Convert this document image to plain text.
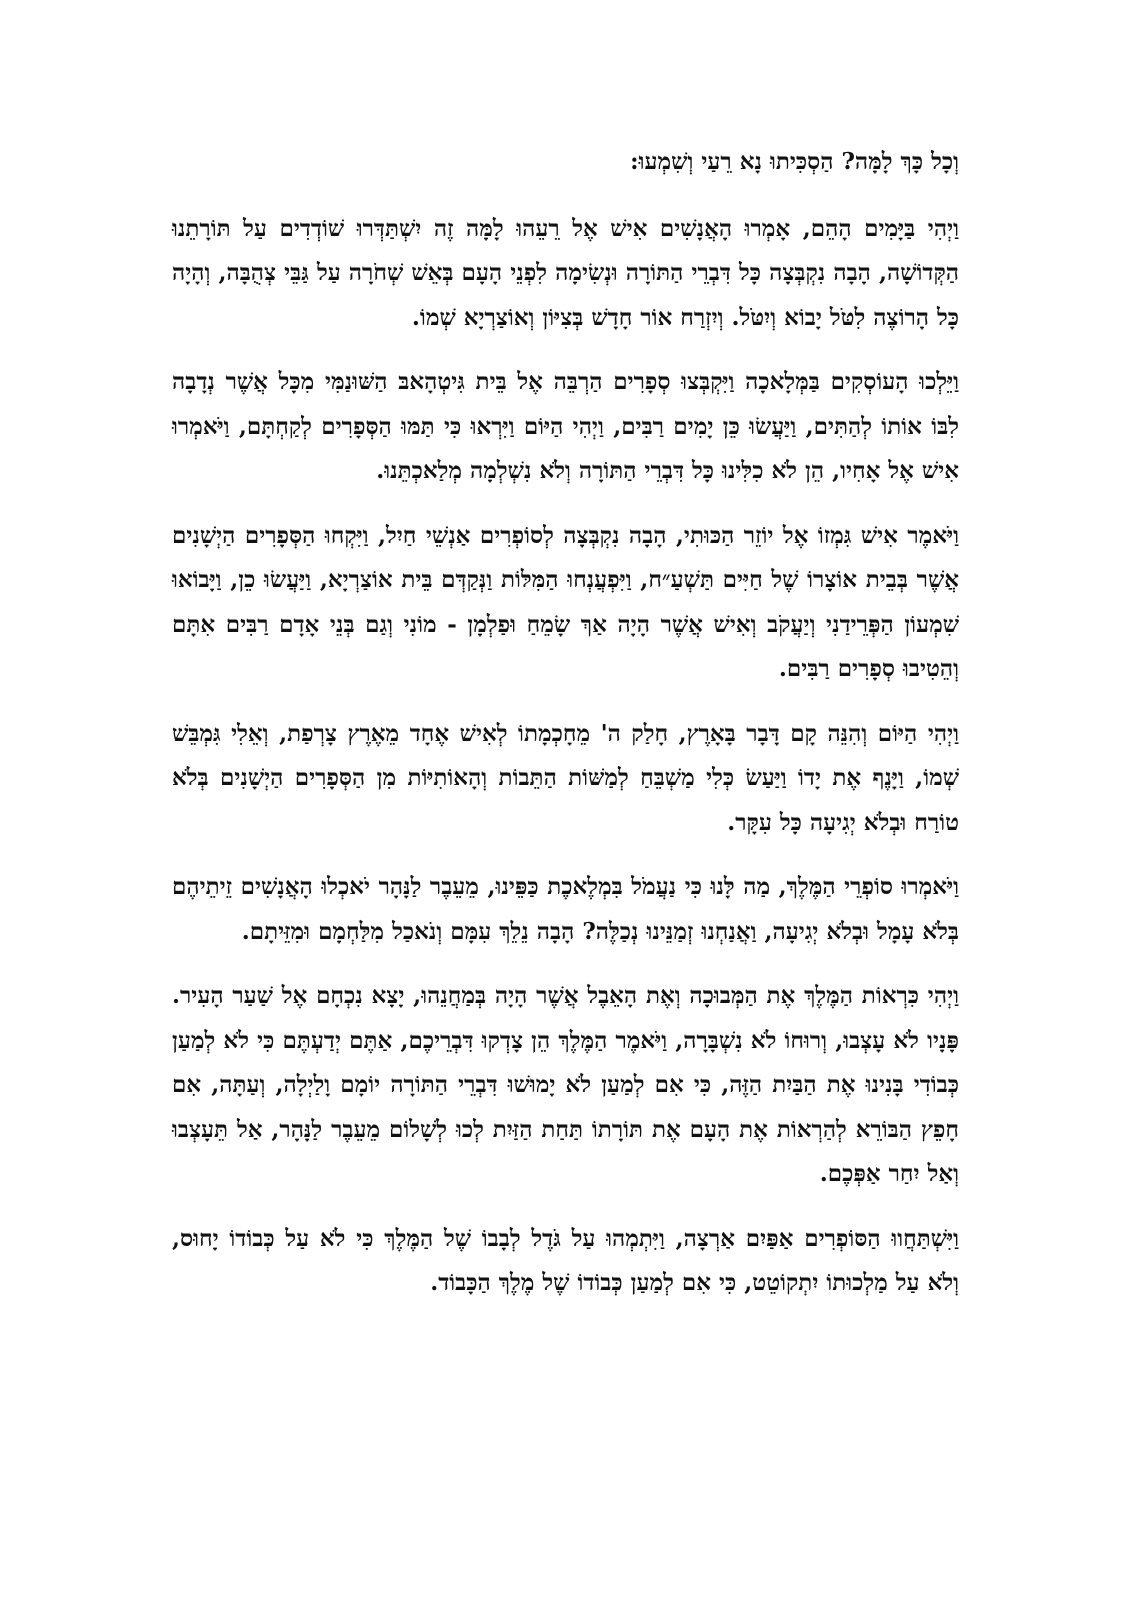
וְכָל כָּךְ לָמָּה? הַסְכִּיתוּ נָא רֵעַי וְשִׁמְעוּ:

וַיְהִי בַּיָּמִים הָהֵם, אָמְרוּ הָאֲנָשִׁים אִישׁ אֶל רֵעֵהוּ לָמָּה זֶה יִשְׁתַּדְּרוּ שׁוֹדְדִים עַל תּוֹרָתֵנוּ הַקְּדוֹשָׁה, הָבָה נִקְבְּצָה כָּל דִּבְרֵי הַתּוֹרָה וּנְשִׂימָה לִפְנֵי הָעָם בְּאֵשׁ שְׁחֹרָה עַל גַּבֵּי צְהֻבָּה, וְהָיָה כָּל הָרוֹצֶה לִטֹּל יָבוֹא וְיִטֹּל. וְיִזְרַח אוֹר חָדָשׁ בְּצִיּוֹן וְאוֹצַרְיָא שְׁמוֹ.

וַיֵּלְכוּ הָעוֹסְקִים בַּמְּלָאכָה וַיִּקְבְּצוּ סְפָרִים הַרְבֵּה אֶל בֵּית גִּיטְהָאבּ הַשּׁוּנַמִּי מִכָּל אֲשֶׁר נְדָבָה לִבּוֹ אוֹתוֹ לְהַתִּים, וַיַּעֲשׂוּ כֵּן יָמִים רַבִּים, וַיְהִי הַיּוֹם וַיִּרְאוּ כִּי תַּמּוּ הַסְּפָרִים לְקַחְתָּם, וַיֹּאמְרוּ אִישׁ אֶל אָחִיו, הֵן לֹא כִלִּינוּ כָּל דִּבְרֵי הַתּוֹרָה וְלֹא נִשְׁלְמָה מְלַאכְתֵּנוּ.

וַיֹּאמֶר אִישׁ גִּמְזוֹ אֶל יוֹזֵר הַכּוּתִי, הָבָה נִקְבְּצָה לְסוֹפְרִים אַנְשֵׁי חַיִל, וַיִּקְחוּ הַסְּפָרִים הַיְשָׁנִים אֲשֶׁר בְּבֵית אוֹצָרוֹ שֶׁל חַיִּים תַּשְׁעַ״ח, וַיִּפְעֲנְחוּ הַמִּלּוֹת וַנְּקַדְּם בֵּית אוֹצַרְיָא, וַיַּעֲשׂוּ כֵן, וַיָּבוֹאוּ שִׁמְעוֹן הַפְּרֵידַנִי וְיַעֲקֹב וְאִישׁ אֲשֶׁר הָיָה אַךְ שָׂמֵחַ וּפַלְמָן - מוֹנִי וְגַם בְּנֵי אָדָם רַבִּים אִתָּם וְהֵטִיבוּ סְפָרִים רַבִּים.

וַיְהִי הַיּוֹם וְהִנֵּה קָם דָּבָר בָּאָרֶץ, חָלַק ה' מֵחָכְמָתוֹ לְאִישׁ אֶחָד מֵאֶרֶץ צָרְפַת, וְאֵלִי גִּמְבֵּשׁ שְׁמוֹ, וַיָּנֶף אֶת יָדוֹ וַיַּעַשׂ כְּלִי מַשְׁבֵּחַ לְמַשּׁוֹת הַתֵּבוֹת וְהָאוֹתִיּוֹת מִן הַסְּפָרִים הַיְשָׁנִים בְּלֹא טוֹרַח וּבְלֹא יְגִיעָה כָּל עִקָּר.

וַיֹּאמְרוּ סוֹפְרֵי הַמֶּלֶךְ, מַה לָּנוּ כִּי נַעֲמֹל בִּמְלֶאכֶת כַּפֵּינוּ, מֵעֵבֶר לַנָּהָר יֹאכְלוּ הָאֲנָשִׁים זֵיתֵיהֶם בְּלֹא עָמָל וּבְלֹא יְגִיעָה, וַאֲנַחְנוּ זְמַנֵּינוּ נְכַלֶּה? הָבָה נֵלֵךְ עִמָּם וְנֹאכַל מִלַּחְמָם וּמִזֵּיתָם.

וַיְהִי כִּרְאוֹת הַמֶּלֶךְ אֶת הַמְּבוּכָה וְאֶת הָאֵבֶל אֲשֶׁר הָיָה בְּמַחֲנֵהוּ, יָצָא נִכְחָם אֶל שַׁעַר הָעִיר. פָּנָיו לֹא עָצְבוּ, וְרוּחוֹ לֹא נִשְׁבָּרָה, וַיֹּאמֶר הַמֶּלֶךְ הֵן צָדְקוּ דִּבְרֵיכֶם, אַתֶּם יְדַעְתֶּם כִּי לֹא לְמַעַן כְּבוֹדִי בָּנִינוּ אֶת הַבַּיִת הַזֶּה, כִּי אִם לְמַעַן לֹא יָמוּשׁוּ דִּבְרֵי הַתּוֹרָה יוֹמָם וָלַיְלָה, וְעַתָּה, אִם חָפֵץ הַבּוֹרֵא לְהַרְאוֹת אֶת הָעָם אֶת תּוֹרָתוֹ תַּחַת הַזַּיִת לְכוּ לְשָׁלוֹם מֵעֵבֶר לַנָּהָר, אַל תֵּעָצְבוּ וְאַל יִחַר אַפְּכֶם.

וַיִּשְׁתַּחֲווּ הַסּוֹפְרִים אַפַּיִם אַרְצָה, וַיִּתְמְהוּ עַל גֹּדֶל לְבָבוֹ שֶׁל הַמֶּלֶךְ כִּי לֹא עַל כְּבוֹדוֹ יָחוּס, וְלֹא עַל מַלְכוּתוֹ יִתְקוֹטֵט, כִּי אִם לְמַעַן כְּבוֹדוֹ שֶׁל מֶלֶךְ הַכָּבוֹד.
